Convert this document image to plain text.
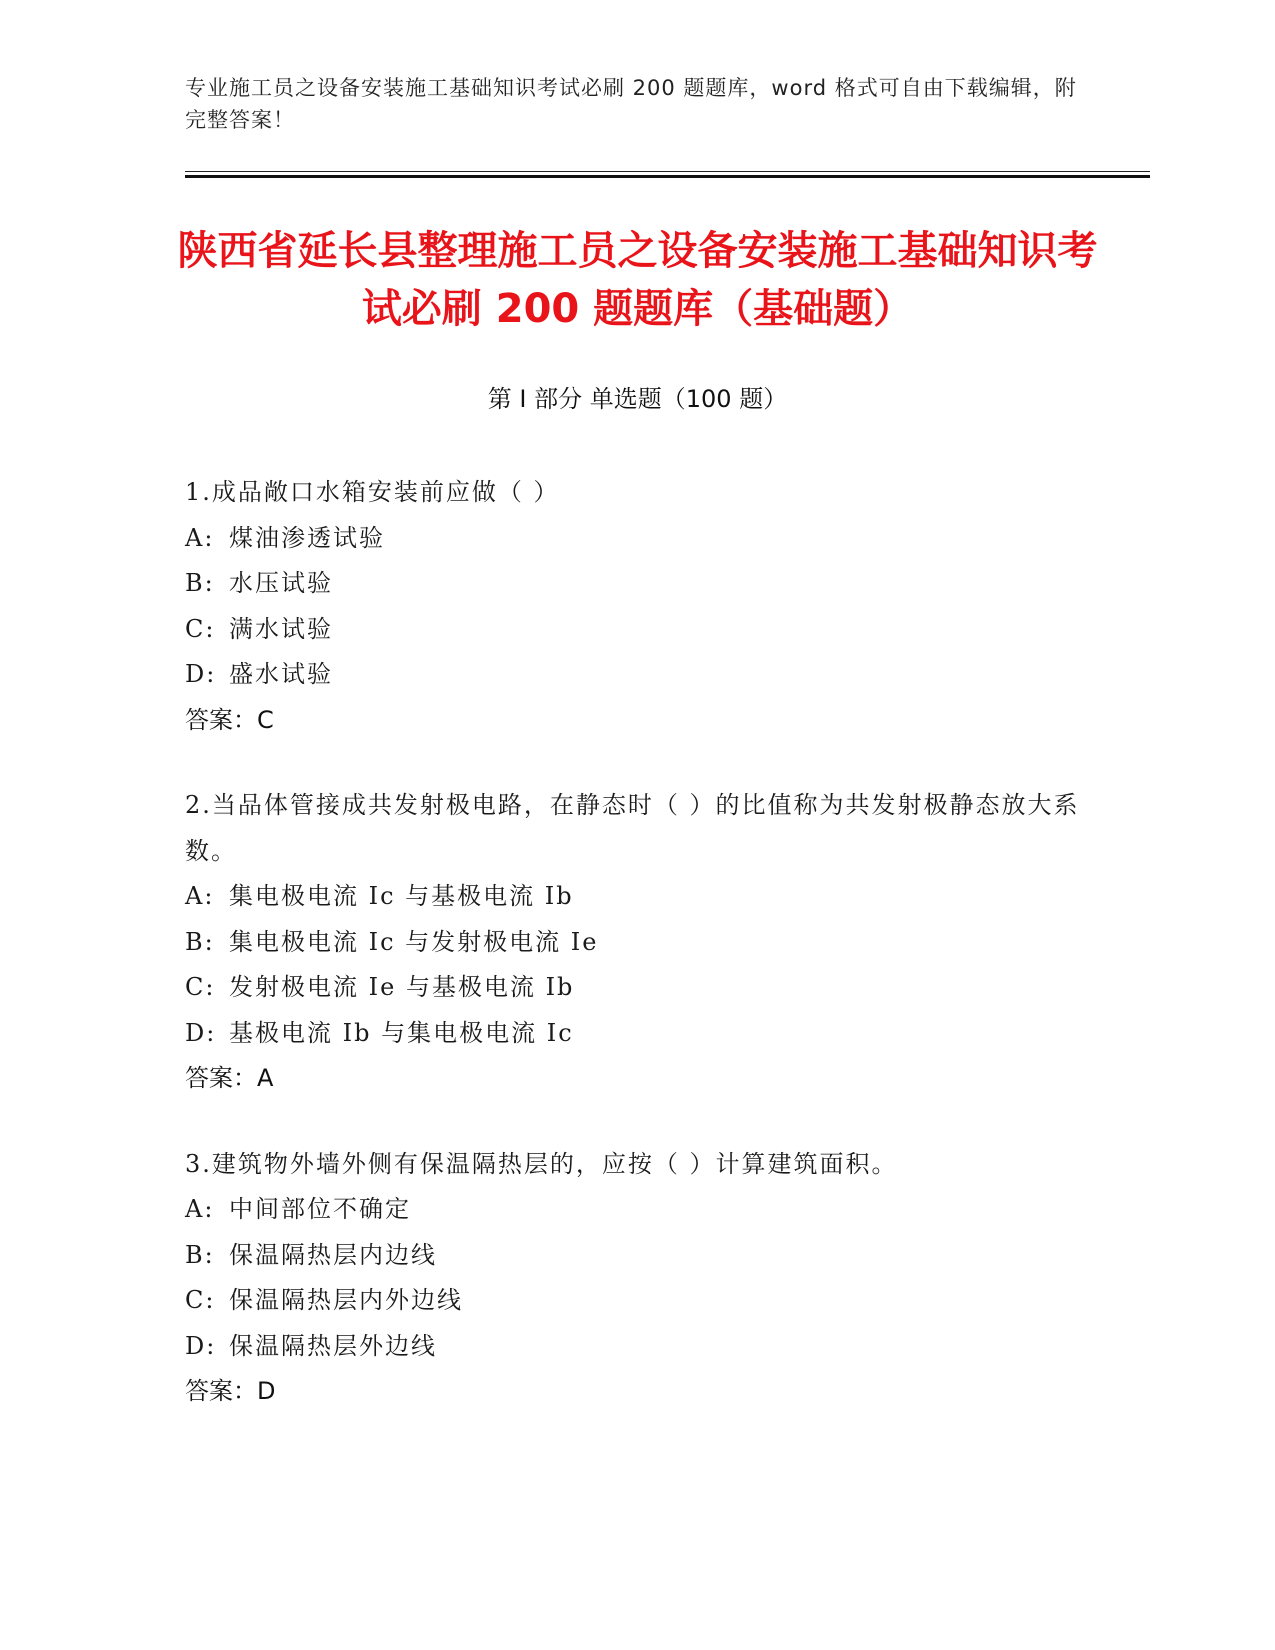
专业施工员之设备安装施工基础知识考试必刷 200 题题库，word 格式可自由下载编辑，附完整答案！
陕西省延长县整理施工员之设备安装施工基础知识考试必刷 200 题题库（基础题）
第 I 部分 单选题（100 题）
1.成品敞口水箱安装前应做（ ）
A: 煤油渗透试验
B: 水压试验
C: 满水试验
D: 盛水试验
答案：C
2.当品体管接成共发射极电路，在静态时（ ）的比值称为共发射极静态放大系数。
A: 集电极电流 Ic 与基极电流 Ib
B: 集电极电流 Ic 与发射极电流 Ie
C: 发射极电流 Ie 与基极电流 Ib
D: 基极电流 Ib 与集电极电流 Ic
答案：A
3.建筑物外墙外侧有保温隔热层的，应按（ ）计算建筑面积。
A: 中间部位不确定
B: 保温隔热层内边线
C: 保温隔热层内外边线
D: 保温隔热层外边线
答案：D
